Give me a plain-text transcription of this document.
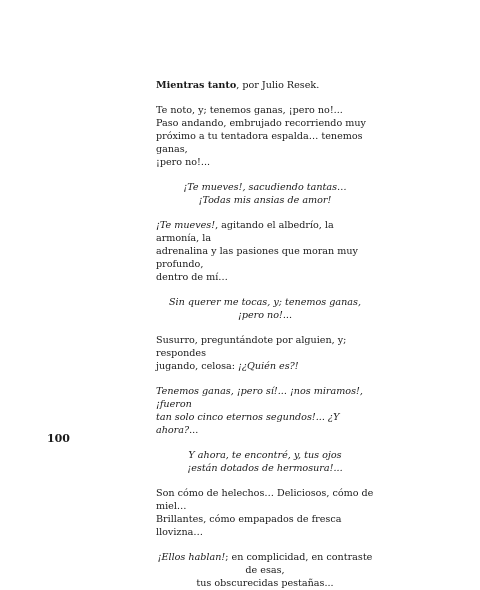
Mientras tanto, por Julio Resek.

Te noto, y; tenemos ganas, ¡pero no!...

Paso andando, embrujado recorriendo muy

próximo a tu tentadora espalda… tenemos ganas,

¡pero no!...

¡Te mueves!, sacudiendo tantas…

¡Todas mis ansias de amor!

¡Te mueves!, agitando el albedrío, la armonía, la

adrenalina y las pasiones que moran muy profundo,

dentro de mí…

Sin querer me tocas, y; tenemos ganas, ¡pero no!...

Susurro, preguntándote por alguien, y; respondes

jugando, celosa: ¡¿Quién es?!

Tenemos ganas, ¡pero sí!... ¡nos miramos!, ¡fueron

tan solo cinco eternos segundos!... ¿Y ahora?...

Y ahora, te encontré, y, tus ojos

¡están dotados de hermosura!...

Son cómo de helechos… Deliciosos, cómo de miel…

Brillantes, cómo empapados de fresca llovizna…

¡Ellos hablan!; en complicidad, en contraste de esas,

tus obscurecidas pestañas...

100
